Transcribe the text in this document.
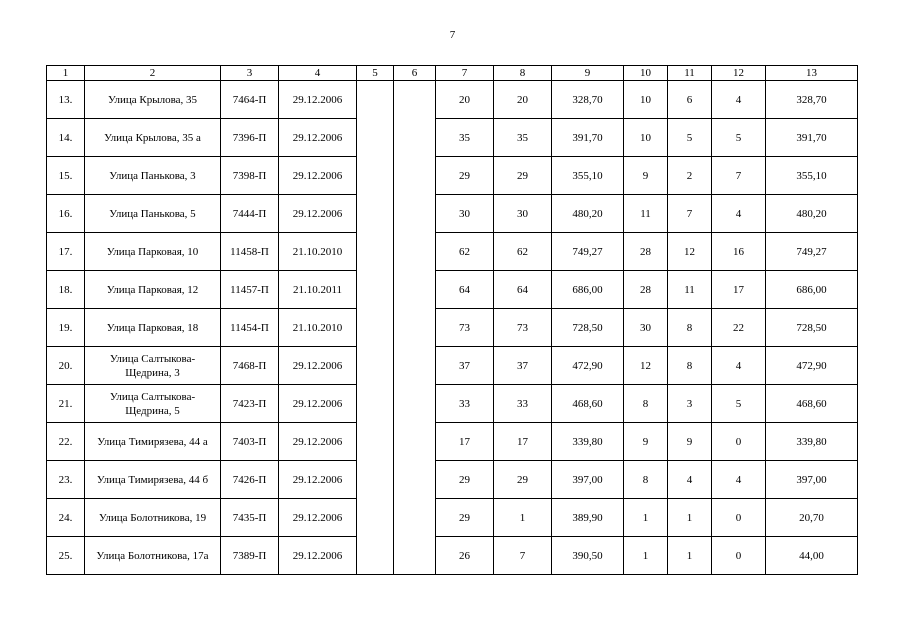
7
1	2	3	4	5	6	7	8	9	10	11	12	13
13.	Улица Крылова, 35	7464-П	29.12.2006			20	20	328,70	10	6	4	328,70
14.	Улица Крылова, 35 а	7396-П	29.12.2006			35	35	391,70	10	5	5	391,70
15.	Улица Панькова, 3	7398-П	29.12.2006			29	29	355,10	9	2	7	355,10
16.	Улица Панькова, 5	7444-П	29.12.2006			30	30	480,20	11	7	4	480,20
17.	Улица Парковая, 10	11458-П	21.10.2010			62	62	749,27	28	12	16	749,27
18.	Улица Парковая, 12	11457-П	21.10.2011			64	64	686,00	28	11	17	686,00
19.	Улица Парковая, 18	11454-П	21.10.2010			73	73	728,50	30	8	22	728,50
20.	Улица Салтыкова-Щедрина, 3	7468-П	29.12.2006			37	37	472,90	12	8	4	472,90
21.	Улица Салтыкова-Щедрина, 5	7423-П	29.12.2006			33	33	468,60	8	3	5	468,60
22.	Улица Тимирязева, 44 а	7403-П	29.12.2006			17	17	339,80	9	9	0	339,80
23.	Улица Тимирязева, 44 б	7426-П	29.12.2006			29	29	397,00	8	4	4	397,00
24.	Улица Болотникова, 19	7435-П	29.12.2006			29	1	389,90	1	1	0	20,70
25.	Улица Болотникова, 17а	7389-П	29.12.2006			26	7	390,50	1	1	0	44,00
